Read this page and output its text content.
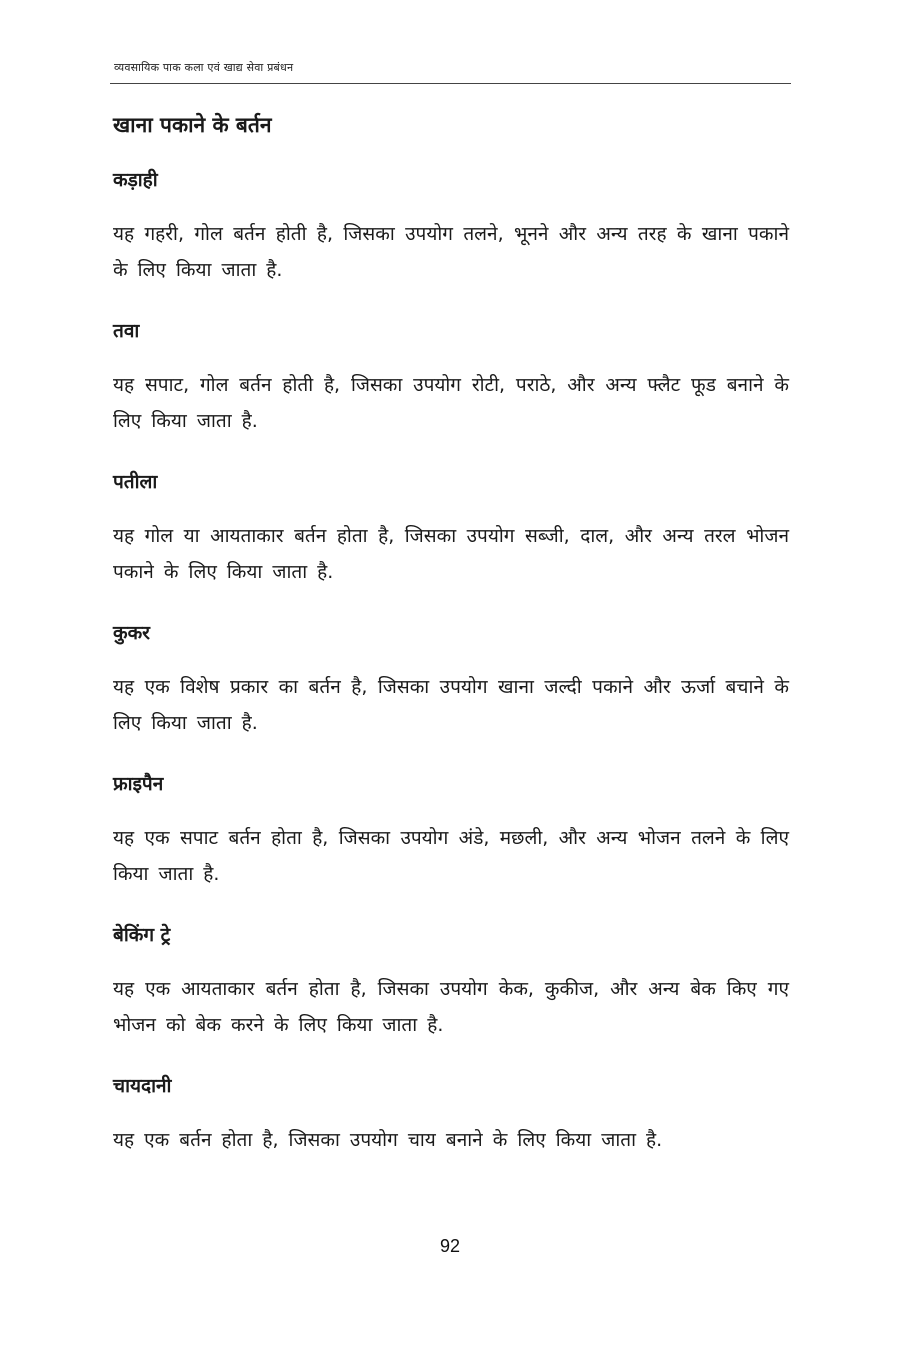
व्यवसायिक पाक कला एवं खाद्य सेवा प्रबंधन
खाना पकाने के बर्तन
कड़ाही

यह गहरी, गोल बर्तन होती है, जिसका उपयोग तलने, भूनने और अन्य तरह के खाना पकाने के लिए किया जाता है.

तवा

यह सपाट, गोल बर्तन होती है, जिसका उपयोग रोटी, पराठे, और अन्य फ्लैट फूड बनाने के लिए किया जाता है.

पतीला

यह गोल या आयताकार बर्तन होता है, जिसका उपयोग सब्जी, दाल, और अन्य तरल भोजन पकाने के लिए किया जाता है.

कुकर

यह एक विशेष प्रकार का बर्तन है, जिसका उपयोग खाना जल्दी पकाने और ऊर्जा बचाने के लिए किया जाता है.

फ्राइपैन

यह एक सपाट बर्तन होता है, जिसका उपयोग अंडे, मछली, और अन्य भोजन तलने के लिए किया जाता है.

बेकिंग ट्रे

यह एक आयताकार बर्तन होता है, जिसका उपयोग केक, कुकीज, और अन्य बेक किए गए भोजन को बेक करने के लिए किया जाता है.

चायदानी

यह एक बर्तन होता है, जिसका उपयोग चाय बनाने के लिए किया जाता है.

92
